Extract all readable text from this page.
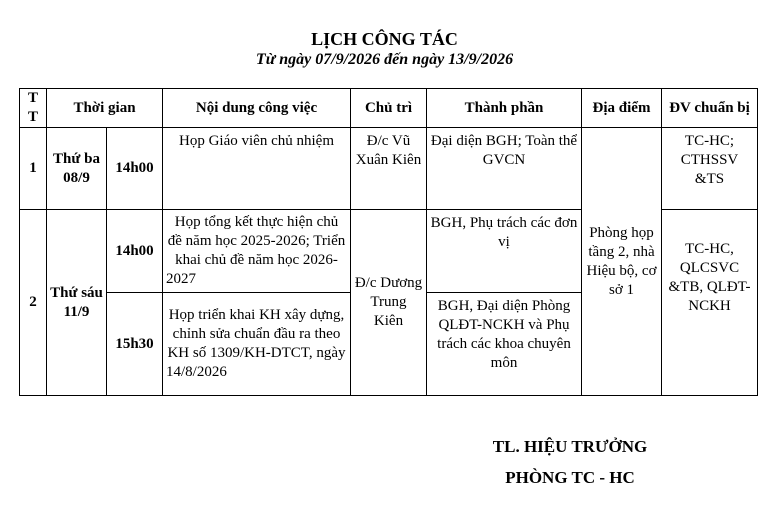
LỊCH CÔNG TÁC
Từ ngày 07/9/2026 đến ngày 13/9/2026
T T	Thời gian		Nội dung công việc	Chủ trì	Thành phần	Địa điểm	ĐV chuẩn bị
1	Thứ ba 08/9	14h00	Họp Giáo viên chủ nhiệm	Đ/c Vũ Xuân Kiên	Đại diện BGH; Toàn thể GVCN	Phòng họp tầng 2, nhà Hiệu bộ, cơ sở 1	TC-HC; CTHSSV &TS
2	Thứ sáu 11/9	14h00	Họp tổng kết thực hiện chủ đề năm học 2025-2026; Triển khai chủ đề năm học 2026-2027	Đ/c Dương Trung Kiên	BGH, Phụ trách các đơn vị		TC-HC, QLCSVC &TB, QLĐT-NCKH
		15h30	Họp triển khai KH xây dựng, chỉnh sửa chuẩn đầu ra theo KH số 1309/KH-DTCT, ngày 14/8/2026		BGH, Đại diện Phòng QLĐT-NCKH và Phụ trách các khoa chuyên môn		
TL. HIỆU TRƯỞNG
PHÒNG TC - HC
